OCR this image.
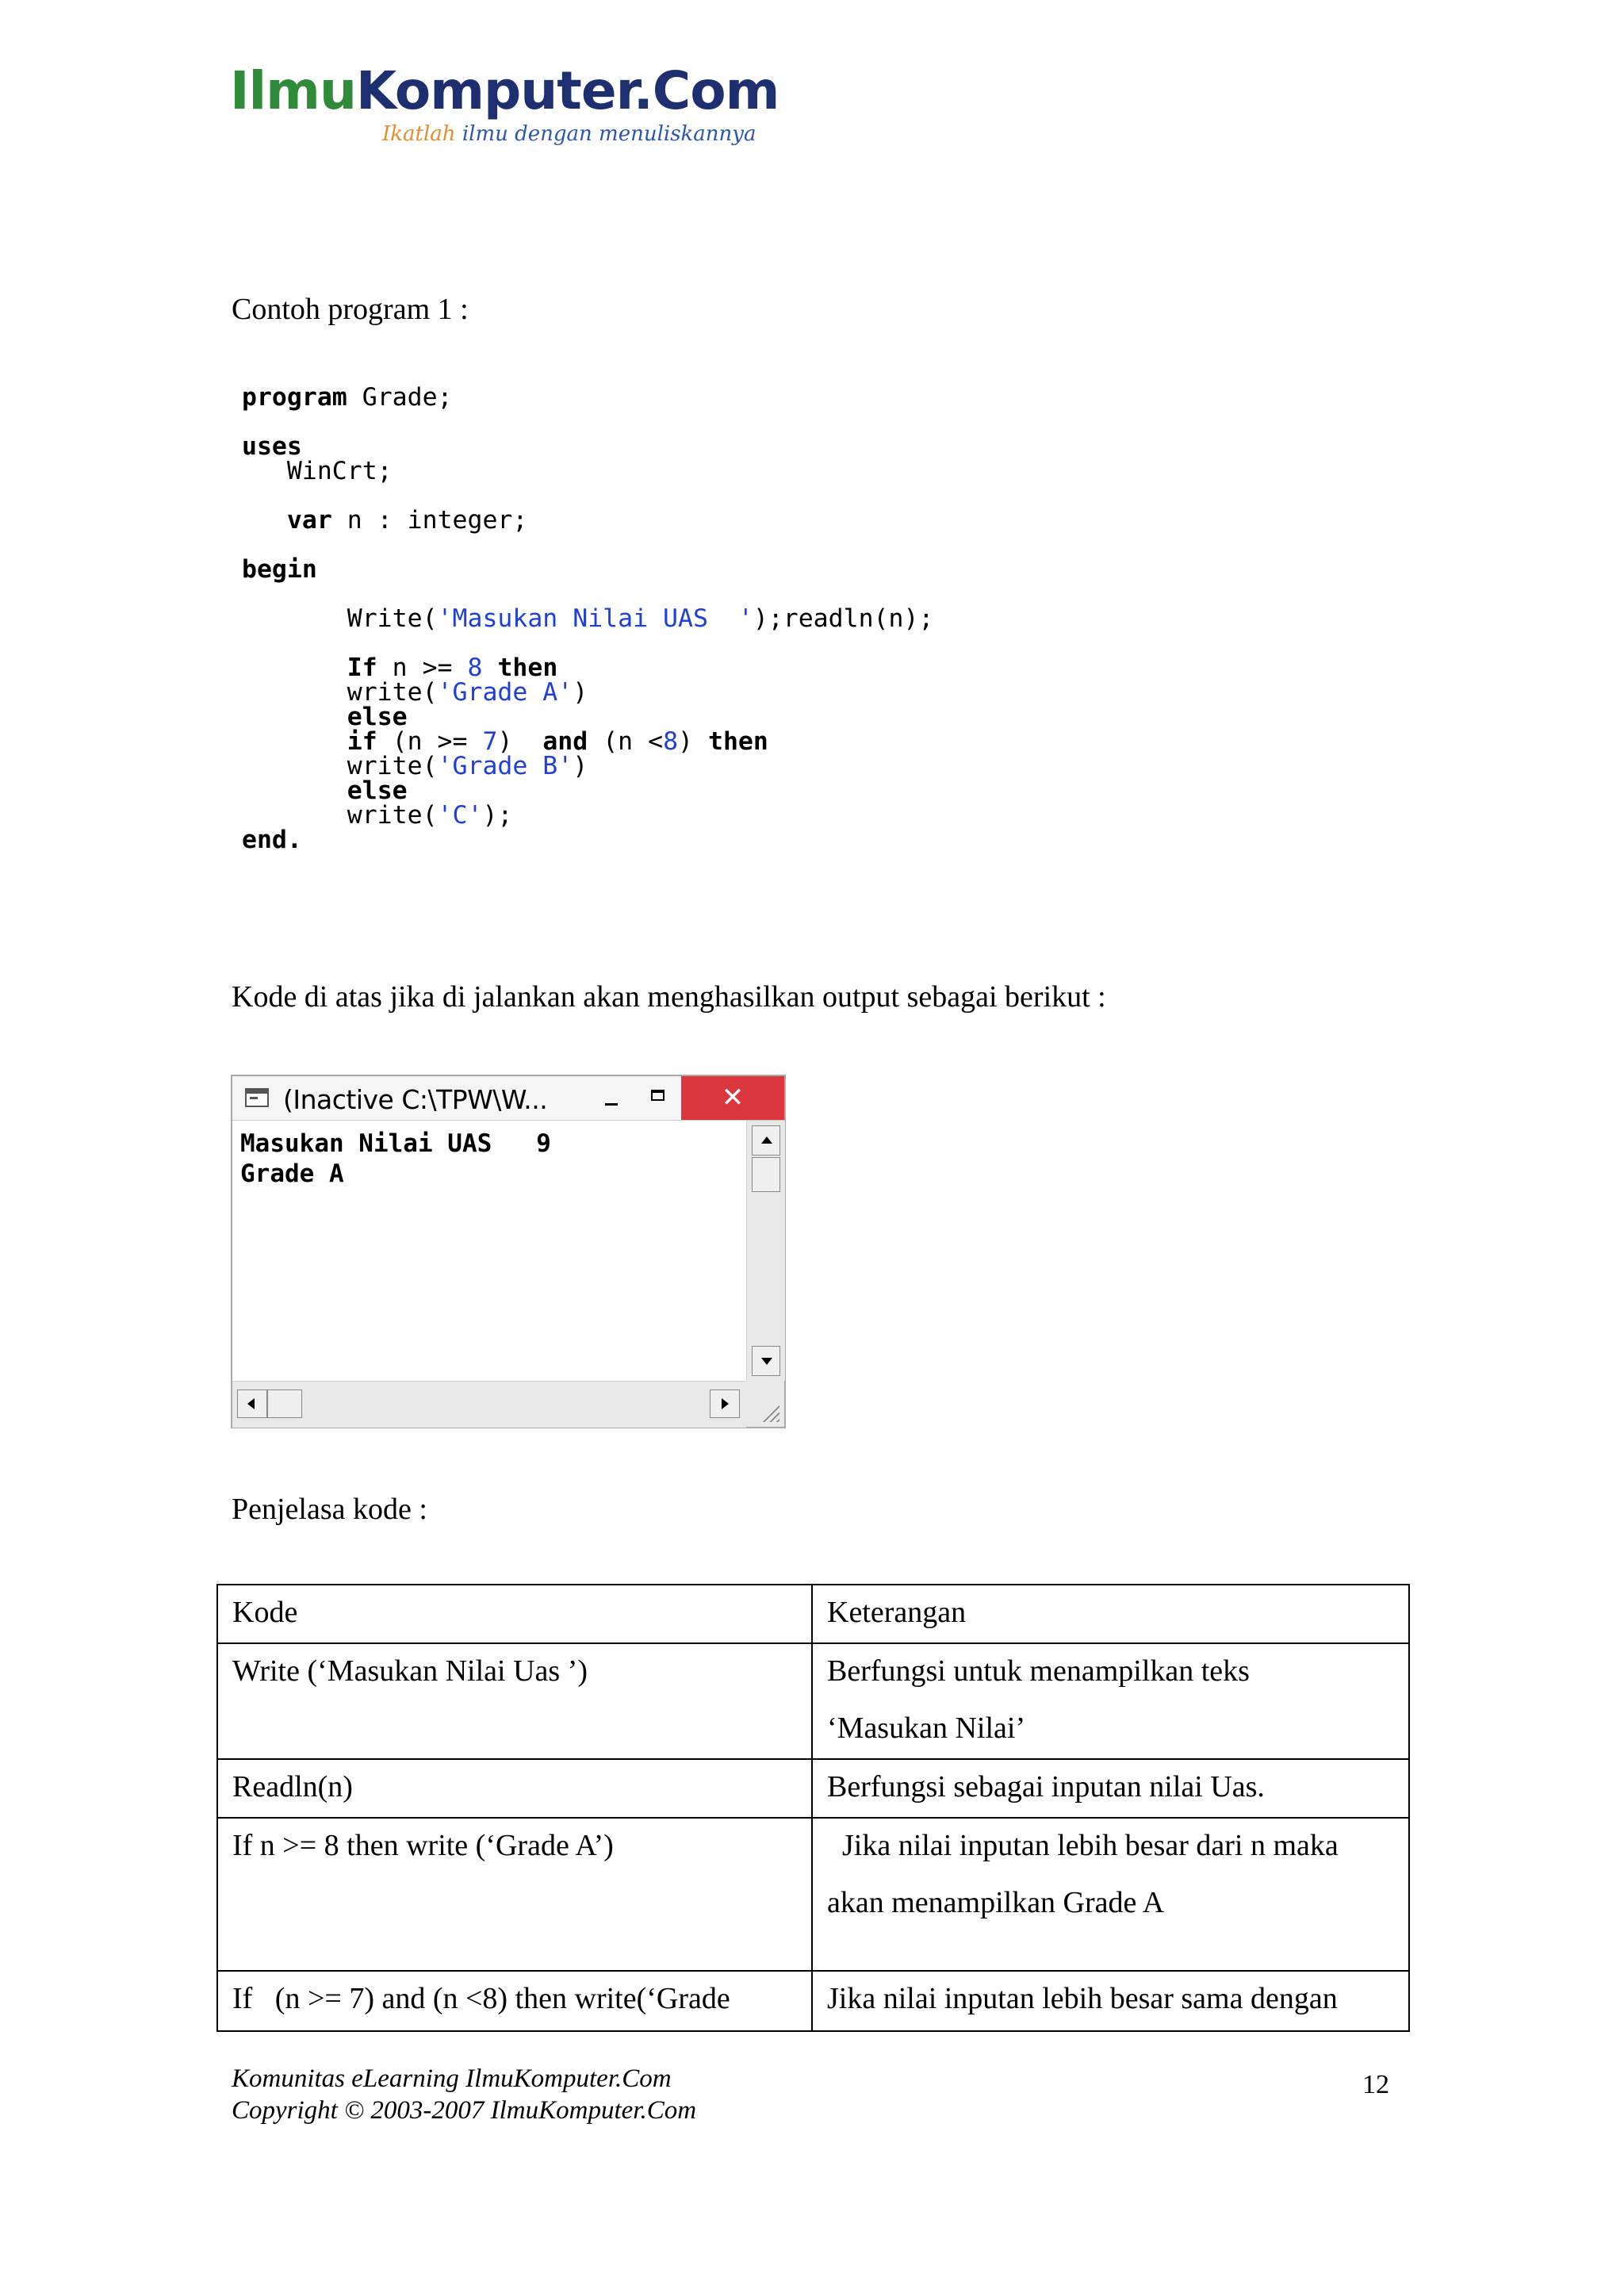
IlmuKomputer.Com
Ikatlah ilmu dengan menuliskannya
Contoh program 1 :
program Grade;

uses
WinCrt;

var n : integer;

begin

Write('Masukan Nilai UAS  ');readln(n);

If n >= 8 then
write('Grade A')
else
if (n >= 7)  and (n <8) then
write('Grade B')
else
write('C');
end.
Kode di atas jika di jalankan akan menghasilkan output sebagai berikut :
(Inactive C:\TPW\W...	✕
Masukan Nilai UAS   9
Grade A
Penjelasa kode :
Kode	Keterangan

Write (‘Masukan Nilai Uas ’)	Berfungsi untuk menampilkan teks
‘Masukan Nilai’

Readln(n)	Berfungsi sebagai inputan nilai Uas.

If n >= 8 then write (‘Grade A’)	Jika nilai inputan lebih besar dari n maka
akan menampilkan Grade A

If   (n >= 7) and (n <8) then write(‘Grade	Jika nilai inputan lebih besar sama dengan
Komunitas eLearning IlmuKomputer.Com
Copyright © 2003-2007 IlmuKomputer.Com
12
